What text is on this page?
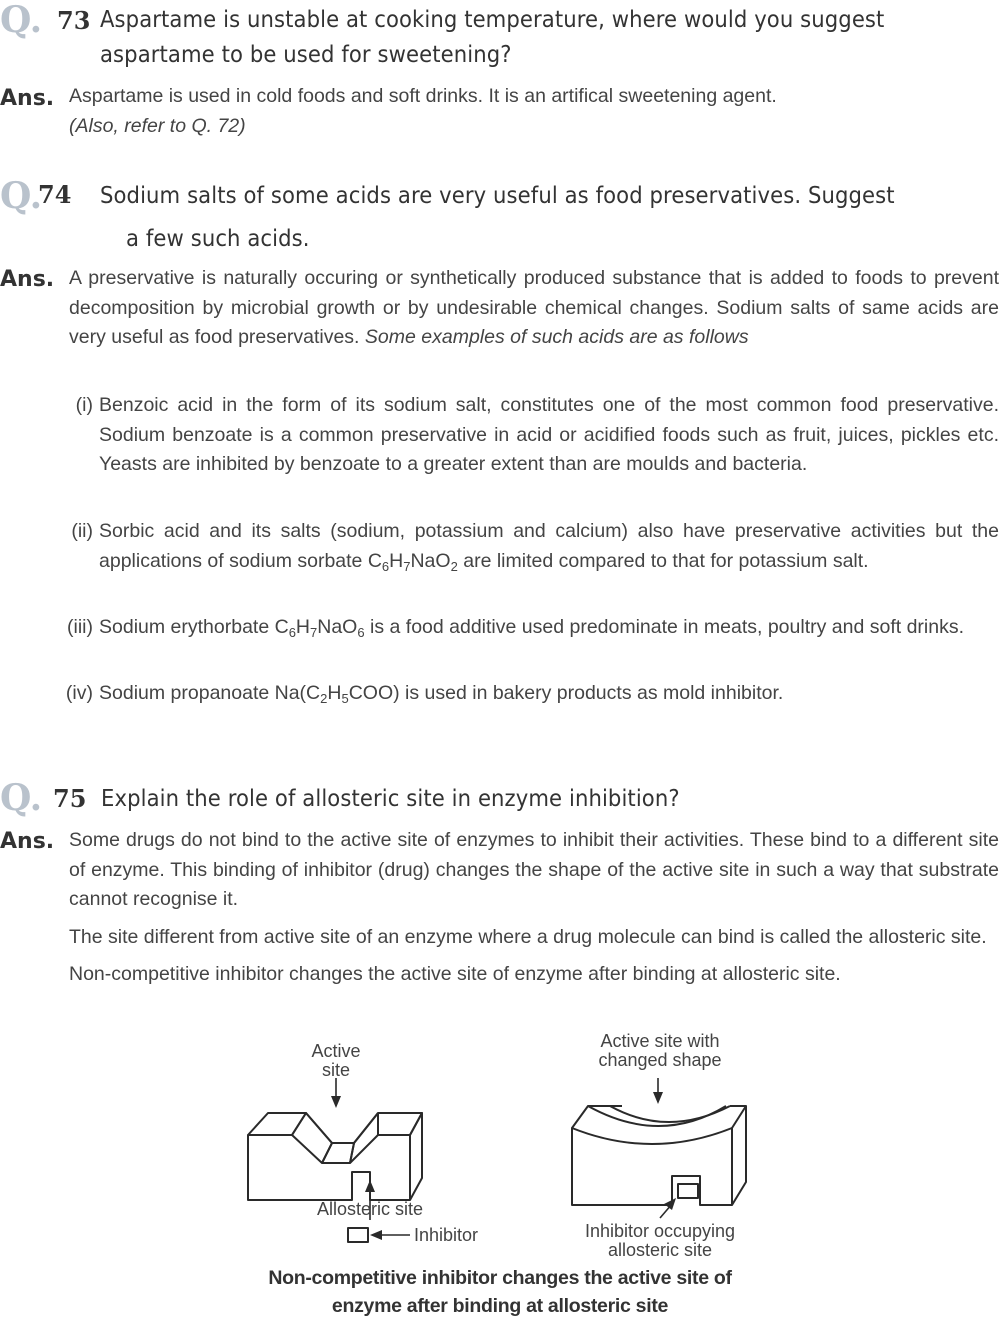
Q. 73 Aspartame is unstable at cooking temperature, where would you suggest
aspartame to be used for sweetening?
Ans. Aspartame is used in cold foods and soft drinks. It is an artifical sweetening agent.

(Also, refer to Q. 72)

Q.
74 Sodium salts of some acids are very useful as food preservatives. Suggest
a few such acids.
Ans. A preservative is naturally occuring or synthetically produced substance that is added to foods to prevent decomposition by microbial growth or by undesirable chemical changes. Sodium salts of same acids are very useful as food preservatives. Some examples of such acids are as follows
(i) Benzoic acid in the form of its sodium salt, constitutes one of the most common food preservative. Sodium benzoate is a common preservative in acid or acidified foods such as fruit, juices, pickles etc. Yeasts are inhibited by benzoate to a greater extent than are moulds and bacteria.
(ii) Sorbic acid and its salts (sodium, potassium and calcium) also have preservative activities but the applications of sodium sorbate $C_6H_7NaO_2$ are limited compared to that for potassium salt.
(iii) Sodium erythorbate $C_6H_7NaO_6$ is a food additive used predominate in meats, poultry and soft drinks.
(iv) Sodium propanoate $Na(C_2H_5COO)$ is used in bakery products as mold inhibitor.
Q. 75 Explain the role of allosteric site in enzyme inhibition?
Ans. Some drugs do not bind to the active site of enzymes to inhibit their activities. These bind to a different site of enzyme. This binding of inhibitor (drug) changes the shape of the active site in such a way that substrate cannot recognise it.

The site different from active site of an enzyme where a drug molecule can bind is called the allosteric site.

Non-competitive inhibitor changes the active site of enzyme after binding at allosteric site.

Active
site
Active site with
changed shape
Allosteric site
Inhibitor	Inhibitor occupying
allosteric site
Non-competitive inhibitor changes the active site of
enzyme after binding at allosteric site
